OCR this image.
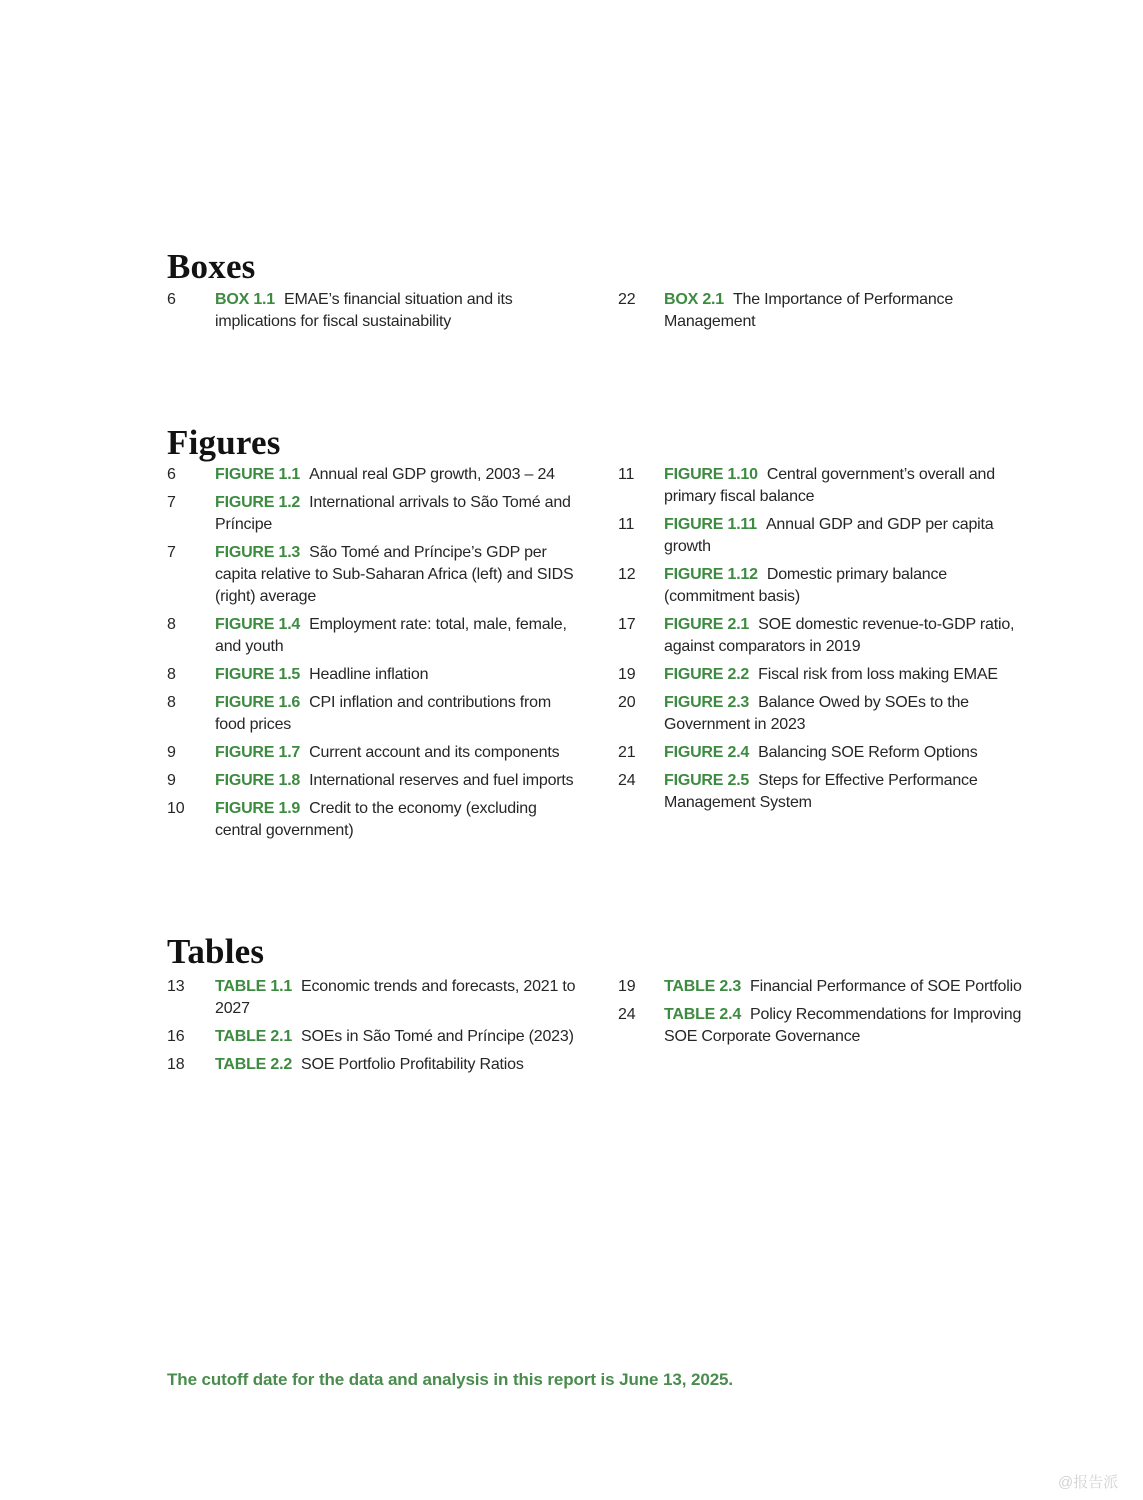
Boxes
6	BOX 1.1 EMAE’s financial situation and its implications for fiscal sustainability
22	BOX 2.1 The Importance of Performance Management
Figures
6	FIGURE 1.1 Annual real GDP growth, 2003 – 24
7	FIGURE 1.2 International arrivals to São Tomé and Príncipe
7	FIGURE 1.3 São Tomé and Príncipe’s GDP per capita relative to Sub-Saharan Africa (left) and SIDS (right) average
8	FIGURE 1.4 Employment rate: total, male, female, and youth
8	FIGURE 1.5 Headline inflation
8	FIGURE 1.6 CPI inflation and contributions from food prices
9	FIGURE 1.7 Current account and its components
9	FIGURE 1.8 International reserves and fuel imports
10	FIGURE 1.9 Credit to the economy (excluding central government)
11	FIGURE 1.10 Central government’s overall and primary fiscal balance
11	FIGURE 1.11 Annual GDP and GDP per capita growth
12	FIGURE 1.12 Domestic primary balance (commitment basis)
17	FIGURE 2.1 SOE domestic revenue-to-GDP ratio, against comparators in 2019
19	FIGURE 2.2 Fiscal risk from loss making EMAE
20	FIGURE 2.3 Balance Owed by SOEs to the Government in 2023
21	FIGURE 2.4 Balancing SOE Reform Options
24	FIGURE 2.5 Steps for Effective Performance Management System
Tables
13	TABLE 1.1 Economic trends and forecasts, 2021 to 2027
16	TABLE 2.1 SOEs in São Tomé and Príncipe (2023)
18	TABLE 2.2 SOE Portfolio Profitability Ratios
19	TABLE 2.3 Financial Performance of SOE Portfolio
24	TABLE 2.4 Policy Recommendations for Improving SOE Corporate Governance
The cutoff date for the data and analysis in this report is June 13, 2025.
@报告派
